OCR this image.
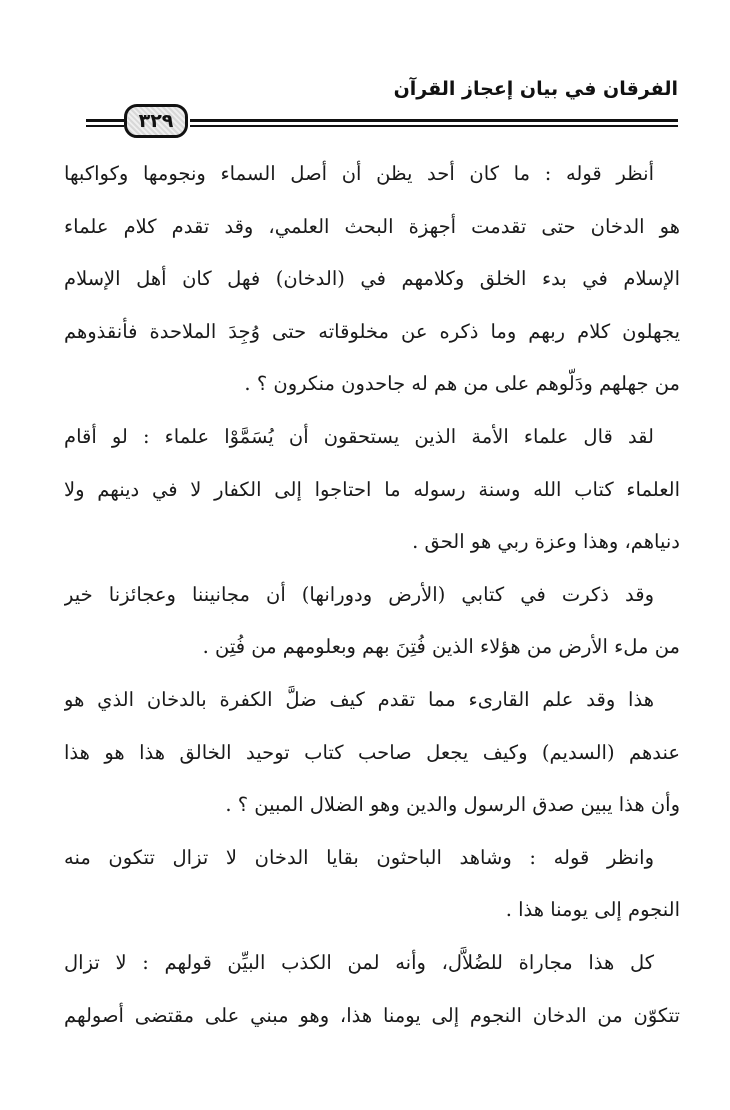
الفرقان في بيان إعجاز القرآن
٣٢٩
أنظر قوله : ما كان أحد يظن أن أصل السماء ونجومها وكواكبها
هو الدخان حتى تقدمت أجهزة البحث العلمي، وقد تقدم كلام علماء
الإسلام في بدء الخلق وكلامهم في (الدخان) فهل كان أهل الإسلام
يجهلون كلام ربهم وما ذكره عن مخلوقاته حتى وُجِدَ الملاحدة فأنقذوهم
من جهلهم ودَلّوهم على من هم له جاحدون منكرون ؟ .
لقد قال علماء الأمة الذين يستحقون أن يُسَمَّوْا علماء : لو أقام
العلماء كتاب الله وسنة رسوله ما احتاجوا إلى الكفار لا في دينهم ولا
دنياهم، وهذا وعزة ربي هو الحق .
وقد ذكرت في كتابي (الأرض ودورانها) أن مجانيننا وعجائزنا خير
من ملء الأرض من هؤلاء الذين فُتِنَ بهم وبعلومهم من فُتِن .
هذا وقد علم القارىء مما تقدم كيف ضلَّ الكفرة بالدخان الذي هو
عندهم (السديم) وكيف يجعل صاحب كتاب توحيد الخالق هذا هو هذا
وأن هذا يبين صدق الرسول والدين وهو الضلال المبين ؟ .
وانظر قوله : وشاهد الباحثون بقايا الدخان لا تزال تتكون منه
النجوم إلى يومنا هذا .
كل هذا مجاراة للضُلاَّل، وأنه لمن الكذب البيِّن قولهم : لا تزال
تتكوّن من الدخان النجوم إلى يومنا هذا، وهو مبني على مقتضى أصولهم
